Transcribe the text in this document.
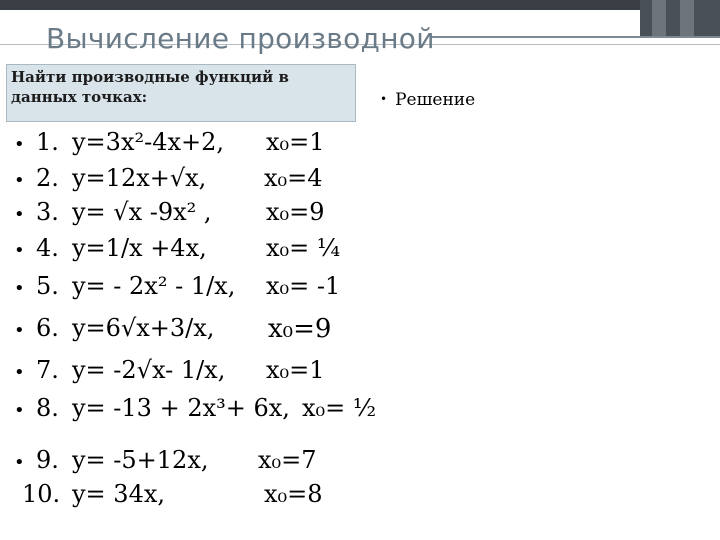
Вычисление производной
Найти производные функций в данных точках:	• Решение
• 1. y=3x²-4x+2, x₀=1
• 2. y=12x+√x, x₀=4
• 3. y= √x -9x² , x₀=9
• 4. y=1/x +4x, x₀= ¼
• 5. y= - 2x² - 1/x, x₀= -1
• 6. y=6√x+3/x, x₀=9
• 7. y= -2√x- 1/x, x₀=1
• 8. y= -13 + 2x³+ 6x, x₀= ½
• 9. y= -5+12x, x₀=7
10. y= 34x,	x₀=8
